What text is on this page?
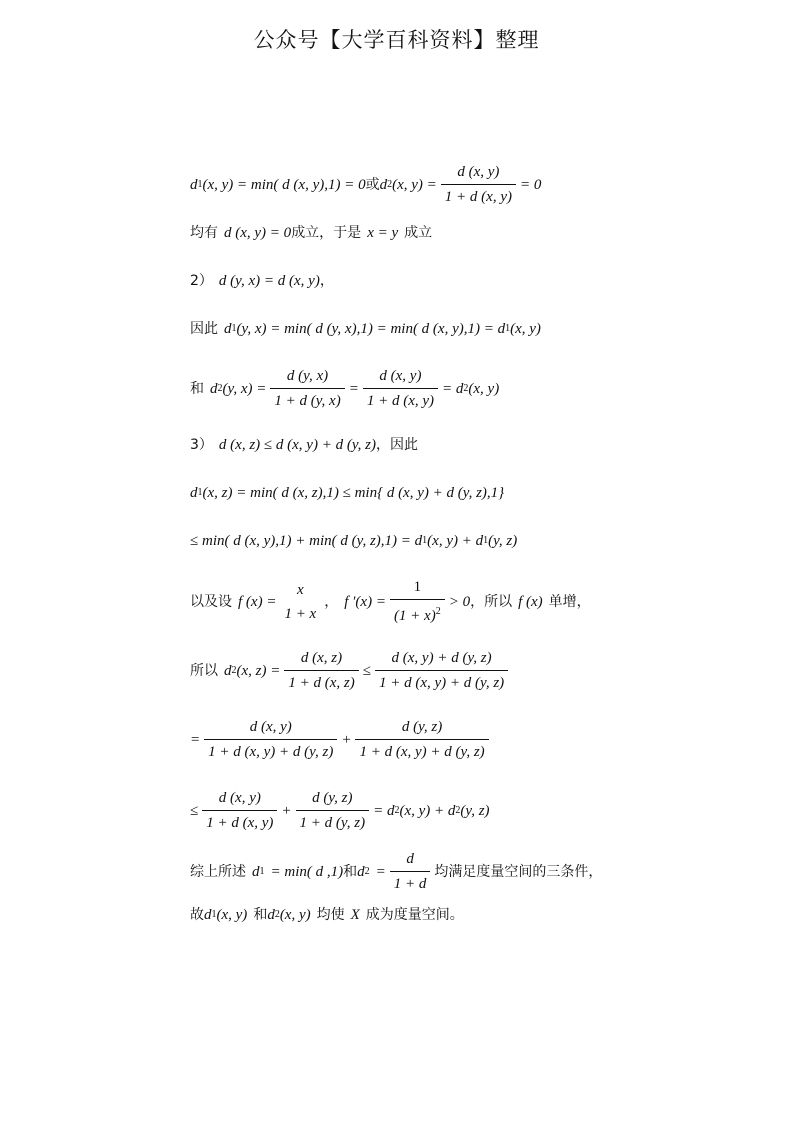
公众号【大学百科资料】整理
d 1 (x, y) = min( d (x, y),1) = 0 或 d 2 (x, $y) = \frac{d (x, y)}{1 + d (x, y)} = 0$
均有 d (x, y) = 0 成立，于是 x = y 成立
2） d (y, x) = d (x, y) ，
因此 d 1 (y, x) = min( d (y, x),1) = min( d (x, y),1) = d 1 (x, y)
和 d 2 (y, $x) = \frac{d (y, x)}{1 + d (y, x)} = \frac{d (x, y)}{1 + d (x, y)} = d$ 2 (x, y)
3） d (x, z) ≤ d (x, y) + d (y, z) ，因此
d 1 (x, z) = min( d (x, z),1) ≤ min{ d (x, y) + d (y, z),1}
≤ min( d (x, y),1) + min( d (y, z),1) = d 1 (x, y) + d 1 (y, z)
以及设 f (x) =
x
1 + x
， f $'(x) = \frac{1}{(1 + x)^2} > 0$ ，所以 f (x) 单增，
所以 d 2 (x, $z) = \frac{d (x, z)}{1 + d (x, z)} \le \frac{d (x, y) + d (y, z)}{1 + d (x, y) + d (y, z)}$
= $\frac{d (x, y)}{1 + d (x, y) + d (y, z)} + \frac{d (y, z)}{1 + d (x, y) + d (y, z)}$
≤ $\frac{d (x, y)}{1 + d (x, y)} + \frac{d (y, z)}{1 + d (y, z)} = d$ 2 (x, y) + d 2 (y, z)
综上所述 d 1 = min( d ,1) 和 d $2 = \frac{d}{1 + d}$ 均满足度量空间的三条件，
故 d 1 (x, y) 和 d 2 (x, y) 均使 X 成为度量空间。
